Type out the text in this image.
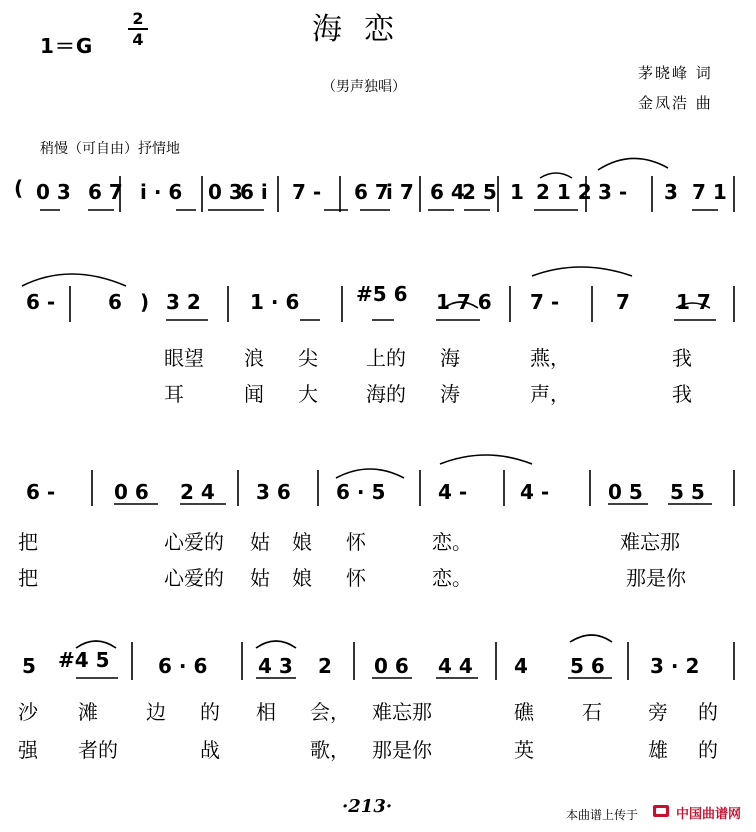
1＝G
2
4	海恋
（男声独唱）
茅晓峰 词
金凤浩 曲
稍慢（可自由）抒情地
( 0 3 6 7 i · 6 0 3
6 i 7 - 6 7
i 7 6 4
2 5 1 2 1 2 3 - 3 7 1
6 -	6 ) 3 2 1 · 6	#5 6 1 7 6 7 -	7 1 7
眼望 浪 尖 上的 海	燕，	我
耳	闻 大 海的 涛	声，	我
6 -	0 6 2 4 3 6 6 · 5	4 -	4 -	0 5 5 5
把	心爱的 姑 娘 怀	恋。	难忘那
把	心爱的 姑 娘 怀	恋。	那是你
5 #4 5 6 · 6	4 3 2 0 6 4 4 4 5 6 3 · 2
沙 滩 边 的 相 会， 难忘那	礁 石 旁 的
强 者的	战	歌， 那是你	英	雄 的
·213·	本曲谱上传于	中国曲谱网
